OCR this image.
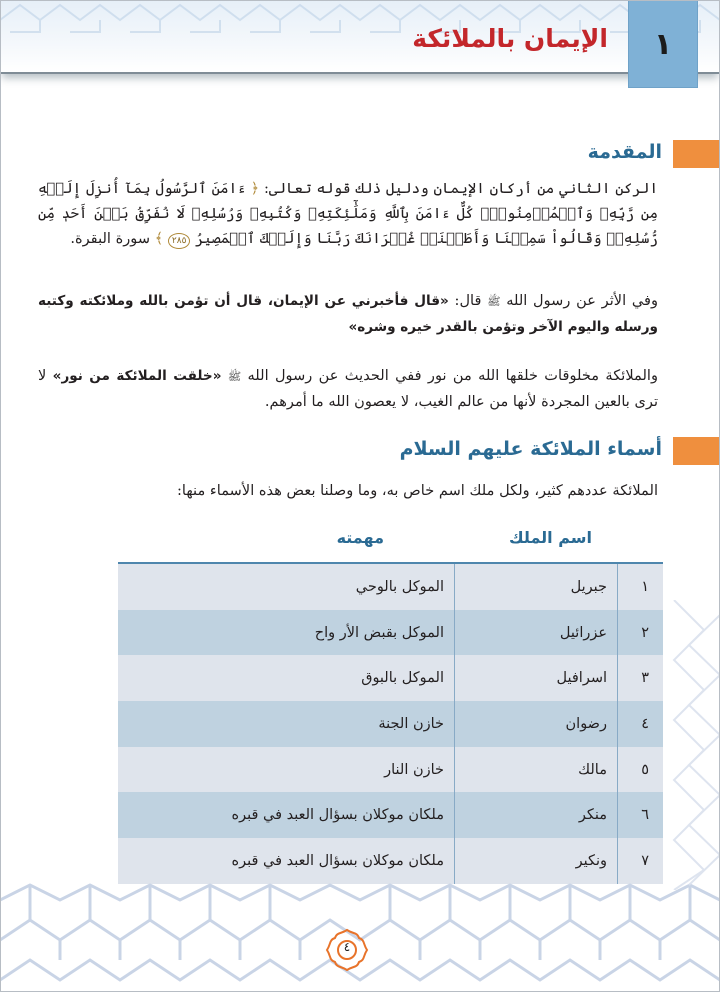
١
الإيمان بالملائكة
المقدمة
الركن الثاني من أركان الإيمان ودليل ذلك قوله تعالى: ﴿ ءَامَنَ ٱلرَّسُولُ بِمَآ أُنزِلَ إِلَيۡهِ مِن رَّبِّهِۦ وَٱلۡمُؤۡمِنُونَۚ كُلٌّ ءَامَنَ بِٱللَّهِ وَمَلَٰٓئِكَتِهِۦ وَكُتُبِهِۦ وَرُسُلِهِۦ لَا نُفَرِّقُ بَيۡنَ أَحَدٖ مِّن رُّسُلِهِۦۚ وَقَالُواْ سَمِعۡنَا وَأَطَعۡنَاۖ غُفۡرَانَكَ رَبَّنَا وَإِلَيۡكَ ٱلۡمَصِيرُ ٢٨٥ ﴾ سورة البقرة.
وفي الأثر عن رسول الله ﷺ قال: «قال فأخبرني عن الإيمان، قال أن تؤمن بالله وملائكته وكتبه ورسله واليوم الآخر وتؤمن بالقدر خيره وشره»
والملائكة مخلوقات خلقها الله من نور ففي الحديث عن رسول الله ﷺ «خلقت الملائكة من نور» لا ترى بالعين المجردة لأنها من عالم الغيب، لا يعصون الله ما أمرهم.
أسماء الملائكة عليهم السلام
الملائكة عددهم كثير، ولكل ملك اسم خاص به، وما وصلنا بعض هذه الأسماء منها:
اسم الملك
مهمته
١
جبريل
الموكل بالوحي
٢
عزرائيل
الموكل بقبض الأر واح
٣
اسرافيل
الموكل بالبوق
٤
رضوان
خازن الجنة
٥
مالك
خازن النار
٦
منكر
ملكان موكلان بسؤال العبد في قبره
٧
ونكير
ملكان موكلان بسؤال العبد في قبره
٤
